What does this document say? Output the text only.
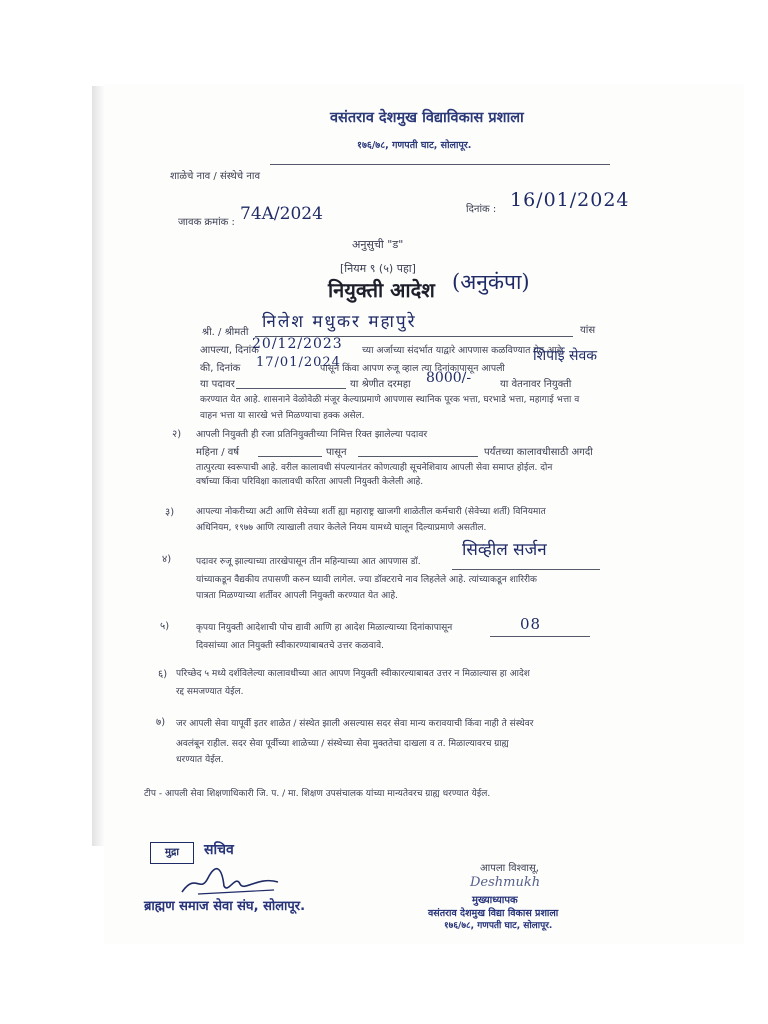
वसंतराव देशमुख विद्याविकास प्रशाला
१७६/७८, गणपती घाट, सोलापूर.
शाळेचे नाव / संस्थेचे नाव
जावक क्रमांक : 74A/2024	दिनांक : 16/01/2024
अनुसुची "ड"
[नियम ९ (५) पहा]
नियुक्ती आदेश (अनुकंपा)
श्री. / श्रीमती
निलेश मधुकर महापुरे	यांस
आपल्या, दिनांक
20/12/2023 च्या अर्जाच्या संदर्भात याद्वारे आपणास कळविण्यात येत आहे
की, दिनांक 17/01/2024
पासून किंवा आपण रुजू व्हाल त्या दिनांकापासून आपली
शिपाई सेवक
या पदावर	या श्रेणीत दरमहा 8000/-	या वेतनावर नियुक्ती
करण्यात येत आहे. शासनाने वेळोवेळी मंजूर केल्याप्रमाणे आपणास स्थानिक पूरक भत्ता, घरभाडे भत्ता, महागाई भत्ता व
वाहन भत्ता या सारखे भत्ते मिळण्याचा हक्क असेल.
२) आपली नियुक्ती ही रजा प्रतिनियुक्तीच्या निमित्त रिक्त झालेल्या पदावर
महिना / वर्ष	पासून	पर्यंतच्या कालावधीसाठी अगदी
तात्पुरत्या स्वरूपाची आहे. वरील कालावधी संपल्यानंतर कोणत्याही सूचनेशिवाय आपली सेवा समाप्त होईल. दोन
वर्षाच्या किंवा परिविक्षा कालावधी करिता आपली नियुक्ती केलेली आहे.
३) आपल्या नोकरीच्या अटी आणि सेवेच्या शर्ती ह्या महाराष्ट्र खाजगी शाळेतील कर्मचारी (सेवेच्या शर्ती) विनियमात
अधिनियम, १९७७ आणि त्याखाली तयार केलेले नियम यामध्ये घालून दिल्याप्रमाणे असतील.
४)	पदावर रुजू झाल्याच्या तारखेपासून तीन महिन्याच्या आत आपणास डॉ.
सिव्हील सर्जन
यांच्याकडून वैद्यकीय तपासणी करुन घ्यावी लागेल. ज्या डॉक्टराचे नाव लिहलेले आहे. त्यांच्याकडून शारिरीक
पात्रता मिळण्याच्या शर्तीवर आपली नियुक्ती करण्यात येत आहे.
५)	कृपया नियुक्ती आदेशाची पोच द्यावी आणि हा आदेश मिळाल्याच्या दिनांकापासून	08
दिवसांच्या आत नियुक्ती स्वीकारण्याबाबतचे उत्तर कळवावे.
६) परिच्छेद ५ मध्ये दर्शविलेल्या कालावधीच्या आत आपण नियुक्ती स्वीकारल्याबाबत उत्तर न मिळाल्यास हा आदेश
रद्द समजण्यात येईल.
७) जर आपली सेवा यापूर्वी इतर शाळेत / संस्थेत झाली असल्यास सदर सेवा मान्य करावयाची किंवा नाही ते संस्थेवर
अवलंबून राहील. सदर सेवा पूर्वीच्या शाळेच्या / संस्थेच्या सेवा मुक्ततेचा दाखला व त. मिळाल्यावरच ग्राह्य
धरण्यात येईल.
टीप - आपली सेवा शिक्षणाधिकारी जि. प. / मा. शिक्षण उपसंचालक यांच्या मान्यतेवरच ग्राह्य धरण्यात येईल.
मुद्रा	सचिव
ब्राह्मण समाज सेवा संघ, सोलापूर.
आपला विश्वासू,
Deshmukh
मुख्याध्यापक
वसंतराव देशमुख विद्या विकास प्रशाला
१७६/७८, गणपती घाट, सोलापूर.
